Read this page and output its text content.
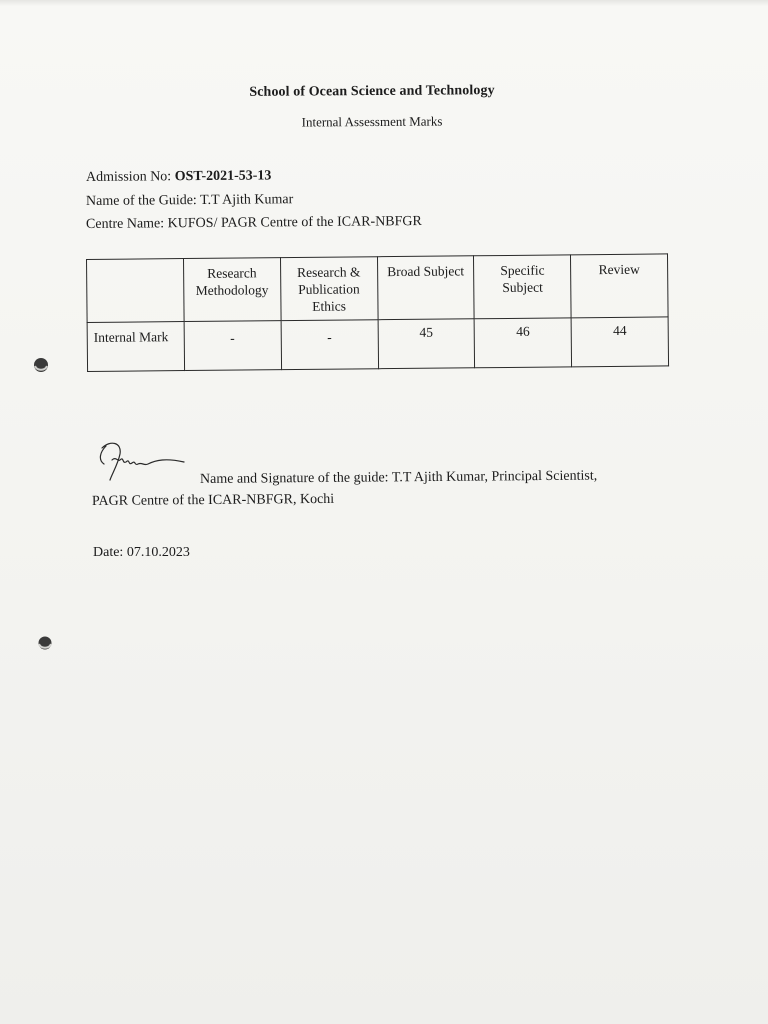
School of Ocean Science and Technology
Internal Assessment Marks
Admission No: OST-2021-53-13
Name of the Guide: T.T Ajith Kumar
Centre Name: KUFOS/ PAGR Centre of the ICAR-NBFGR
	Research Methodology	Research & Publication Ethics	Broad Subject	Specific Subject	Review
Internal Mark	-	-	45	46	44
Name and Signature of the guide: T.T Ajith Kumar, Principal Scientist,
PAGR Centre of the ICAR-NBFGR, Kochi
Date: 07.10.2023
